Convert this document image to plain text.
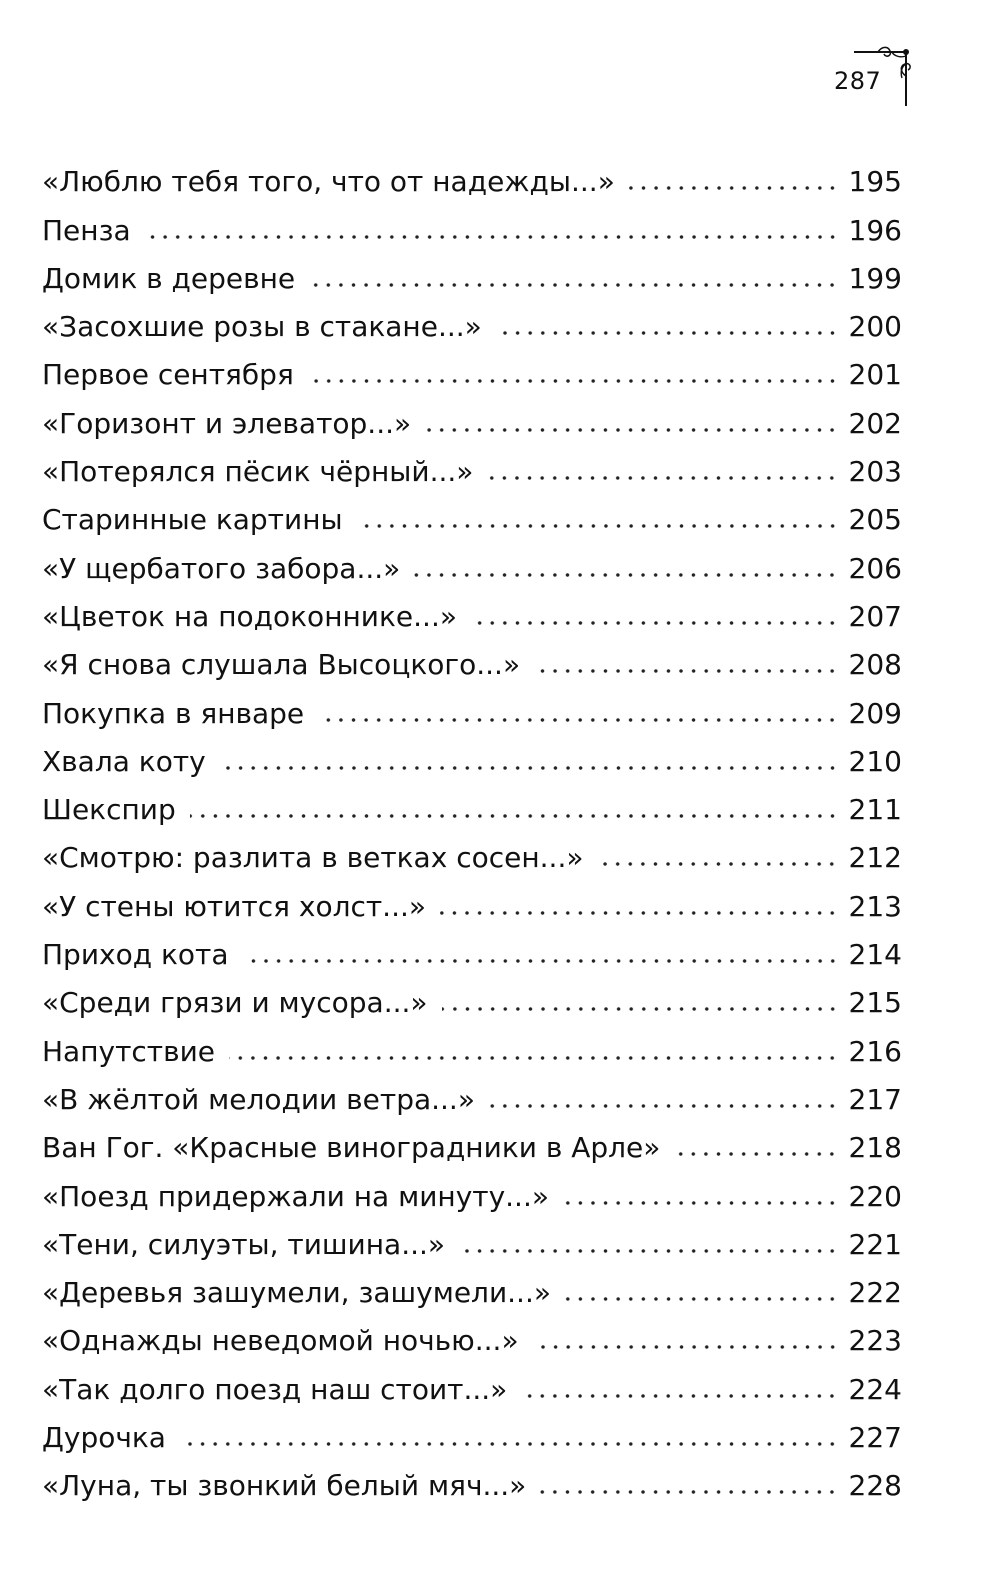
287
«Люблю тебя того, что от надежды...»	195
Пенза	196
Домик в деревне	199
«Засохшие розы в стакане...»	200
Первое сентября	201
«Горизонт и элеватор...»	202
«Потерялся пёсик чёрный...»	203
Старинные картины	205
«У щербатого забора...»	206
«Цветок на подоконнике...»	207
«Я снова слушала Высоцкого...»	208
Покупка в январе	209
Хвала коту	210
Шекспир	211
«Смотрю: разлита в ветках сосен...»	212
«У стены ютится холст...»	213
Приход кота	214
«Среди грязи и мусора...»	215
Напутствие	216
«В жёлтой мелодии ветра...»	217
Ван Гог. «Красные виноградники в Арле»	218
«Поезд придержали на минуту...»	220
«Тени, силуэты, тишина...»	221
«Деревья зашумели, зашумели...»	222
«Однажды неведомой ночью...»	223
«Так долго поезд наш стоит...»	224
Дурочка	227
«Луна, ты звонкий белый мяч...»	228
